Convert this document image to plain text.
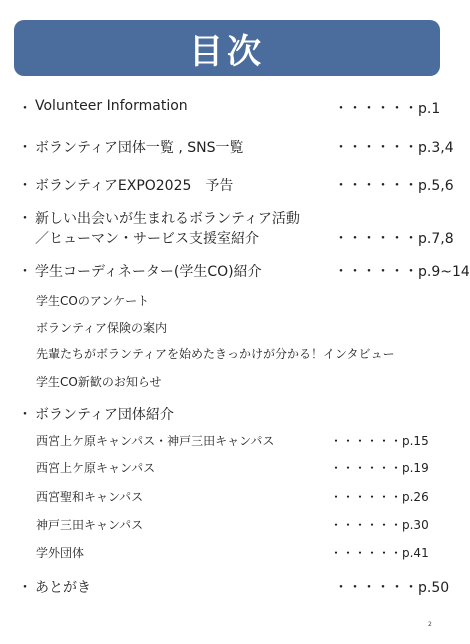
目次
・ Volunteer Information	・・・・・・p.1
・ ボランティア団体一覧 , SNS一覧	・・・・・・p.3,4
・ ボランティアEXPO2025　予告	・・・・・・p.5,6
・ 新しい出会いが生まれるボランティア活動
／ヒューマン・サービス支援室紹介	・・・・・・p.7,8
・ 学生コーディネーター(学生CO)紹介	・・・・・・p.9~14
学生COのアンケート
ボランティア保険の案内
先輩たちがボランティアを始めたきっかけが分かる！インタビュー
学生CO新歓のお知らせ
・ ボランティア団体紹介
西宮上ケ原キャンパス・神戸三田キャンパス	・・・・・・p.15
西宮上ケ原キャンパス	・・・・・・p.19
西宮聖和キャンパス	・・・・・・p.26
神戸三田キャンパス	・・・・・・p.30
学外団体	・・・・・・p.41
・ あとがき	・・・・・・p.50
2
